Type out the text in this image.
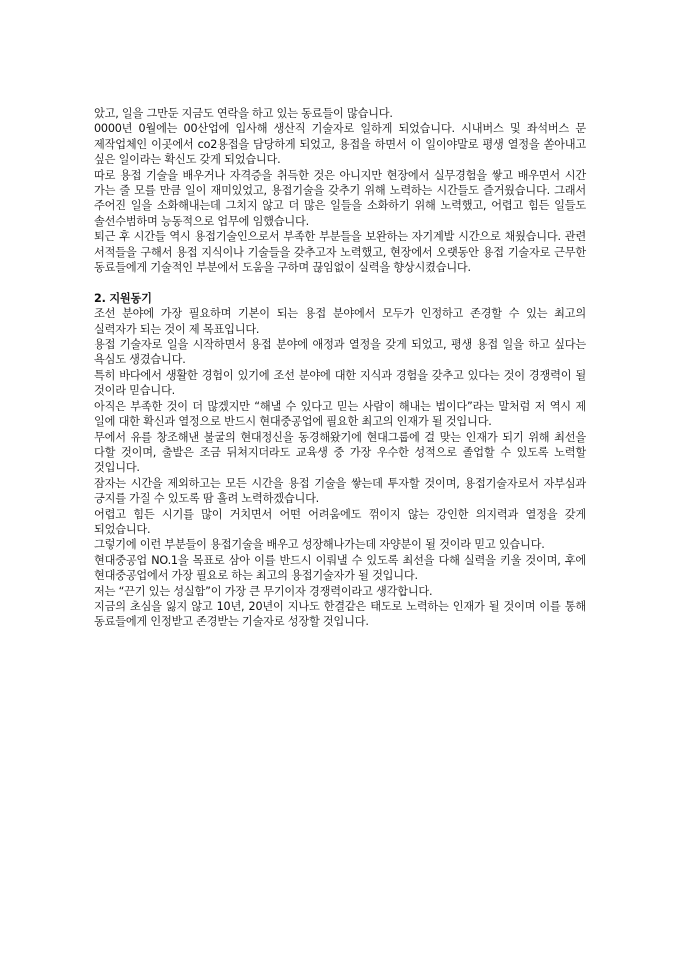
았고, 일을 그만둔 지금도 연락을 하고 있는 동료들이 많습니다.

0000년 0월에는 00산업에 입사해 생산직 기술자로 일하게 되었습니다. 시내버스 및 좌석버스 문 제작업체인 이곳에서 co2용접을 담당하게 되었고, 용접을 하면서 이 일이야말로 평생 열정을 쏟아내고 싶은 일이라는 확신도 갖게 되었습니다.

따로 용접 기술을 배우거나 자격증을 취득한 것은 아니지만 현장에서 실무경험을 쌓고 배우면서 시간 가는 줄 모를 만큼 일이 재미있었고, 용접기술을 갖추기 위해 노력하는 시간들도 즐거웠습니다. 그래서 주어진 일을 소화해내는데 그치지 않고 더 많은 일들을 소화하기 위해 노력했고, 어렵고 힘든 일들도 솔선수범하며 능동적으로 업무에 임했습니다.

퇴근 후 시간들 역시 용접기술인으로서 부족한 부분들을 보완하는 자기계발 시간으로 채웠습니다. 관련 서적들을 구해서 용접 지식이나 기술들을 갖추고자 노력했고, 현장에서 오랫동안 용접 기술자로 근무한 동료들에게 기술적인 부분에서 도움을 구하며 끊임없이 실력을 향상시켰습니다.

2. 지원동기

조선 분야에 가장 필요하며 기본이 되는 용접 분야에서 모두가 인정하고 존경할 수 있는 최고의 실력자가 되는 것이 제 목표입니다.

용접 기술자로 일을 시작하면서 용접 분야에 애정과 열정을 갖게 되었고, 평생 용접 일을 하고 싶다는 욕심도 생겼습니다.

특히 바다에서 생활한 경험이 있기에 조선 분야에 대한 지식과 경험을 갖추고 있다는 것이 경쟁력이 될 것이라 믿습니다.

아직은 부족한 것이 더 많겠지만 “해낼 수 있다고 믿는 사람이 해내는 법이다”라는 말처럼 저 역시 제 일에 대한 확신과 열정으로 반드시 현대중공업에 필요한 최고의 인재가 될 것입니다.

무에서 유를 창조해낸 불굴의 현대정신을 동경해왔기에 현대그룹에 걸 맞는 인재가 되기 위해 최선을 다할 것이며, 출발은 조금 뒤쳐지더라도 교육생 중 가장 우수한 성적으로 졸업할 수 있도록 노력할 것입니다.

잠자는 시간을 제외하고는 모든 시간을 용접 기술을 쌓는데 투자할 것이며, 용접기술자로서 자부심과 긍지를 가질 수 있도록 땀 흘려 노력하겠습니다.

어렵고 힘든 시기를 많이 거치면서 어떤 어려움에도 꺾이지 않는 강인한 의지력과 열정을 갖게 되었습니다.

그렇기에 이런 부분들이 용접기술을 배우고 성장해나가는데 자양분이 될 것이라 믿고 있습니다.

현대중공업 NO.1을 목표로 삼아 이를 반드시 이뤄낼 수 있도록 최선을 다해 실력을 키울 것이며, 후에 현대중공업에서 가장 필요로 하는 최고의 용접기술자가 될 것입니다.

저는 “끈기 있는 성실함”이 가장 큰 무기이자 경쟁력이라고 생각합니다.

지금의 초심을 잃지 않고 10년, 20년이 지나도 한결같은 태도로 노력하는 인재가 될 것이며 이를 통해 동료들에게 인정받고 존경받는 기술자로 성장할 것입니다.
